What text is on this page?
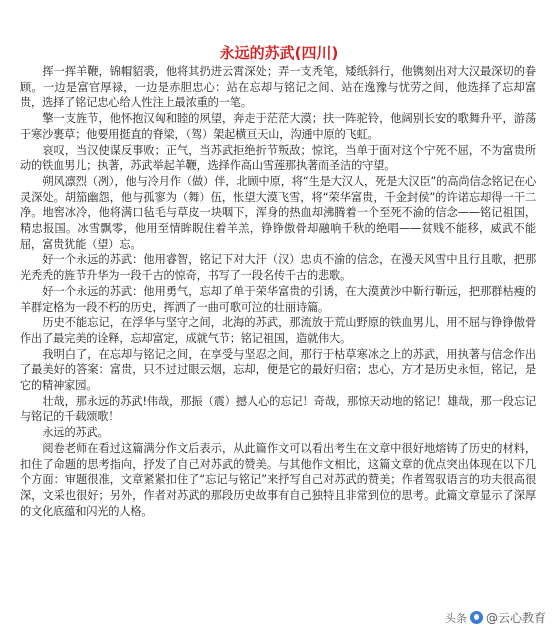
永远的苏武(四川)

挥一挥羊鞭，锦帽貂裘，他将其扔进云霄深处；弄一支秃笔，矮纸斜行，他镌刻出对大汉最深切的眷顾。一边是富官厚禄，一边是赤胆忠心：站在忘却与铭记之间、站在逸豫与忧劳之间，他选择了忘却富贵，选择了铭记忠心给人性注上最浓重的一笔。

擎一支旌节，他怀抱汉匈和睦的夙望，奔走于茫茫大漠；扶一阵驼铃，他阔别长安的歌舞升平，游荡于寒沙裹草；他要用挺直的脊梁，（驾）架起横亘天山，沟通中原的飞虹。

哀叹，当汉使谋反事败；正气，当苏武拒绝折节叛敌；惊诧，当单于面对这个宁死不屈，不为富贵所动的铁血男儿；执著，苏武举起羊鞭，选择作高山雪莲那执著而圣洁的守望。

朔风凛烈（冽），他与冷月作（做）伴，北顾中原，将“生是大汉人，死是大汉臣”的高尚信念铭记在心灵深处。胡笳幽怨，他与孤寥为（舞）伍，怅望大漠飞雪，将“荣华富贵，千金封侯”的许诺忘却得一干二净。地窖冰冷，他将满口毡毛与草皮一块咽下，浑身的热血却沸腾着一个至死不渝的信念——铭记祖国，精忠报国。冰雪飘零，他用至情眸睨住着羊羔，铮铮傲骨却融响千秋的绝唱——贫贱不能移，威武不能屈，富贵犹能（望）忘。

好一个永远的苏武：他用睿智，铭记下对大汗（汉）忠贞不渝的信念，在漫天风雪中且行且歌，把那光秃秃的旌节升华为一段千古的惊奇，书写了一段名传千古的悲歌。

好一个永远的苏武：他用勇气，忘却了单于荣华富贵的引诱，在大漠黄沙中靳行靳远，把那群枯瘦的羊群定格为一段不朽的历史，挥洒了一曲可歌可泣的壮丽诗篇。

历史不能忘记，在浮华与坚守之间，北海的苏武，那流放于荒山野原的铁血男儿，用不屈与铮铮傲骨作出了最完美的诠释，忘却富定，成就气节；铭记祖国，造就伟大。

我明白了，在忘却与铭记之间，在享受与坚忍之间，那行于枯草寒冰之上的苏武，用执著与信念作出了最美好的答案：富贵，只不过过眼云烟，忘却，便是它的最好归宿；忠心，方才是历史永恒，铭记，是它的精神家园。

壮哉，那永远的苏武!伟哉，那振（震）撼人心的忘记！奇哉，那惊天动地的铭记！雄哉，那一段忘记与铭记的千载颂歌！

永远的苏武。

阅卷老师在看过这篇满分作文后表示，从此篇作文可以看出考生在文章中很好地熔铸了历史的材料，扣住了命题的思考指向，抒发了自己对苏武的赞美。与其他作文相比，这篇文章的优点突出体现在以下几个方面：审题很准，文章紧紧扣住了“忘记与铭记”来抒写自己对苏武的赞美；作者驾驭语言的功夫很高很深，文采也很好；另外，作者对苏武的那段历史故事有自己独特且非常到位的思考。此篇文章显示了深厚的文化底蕴和闪光的人格。

头条 @云心教育
